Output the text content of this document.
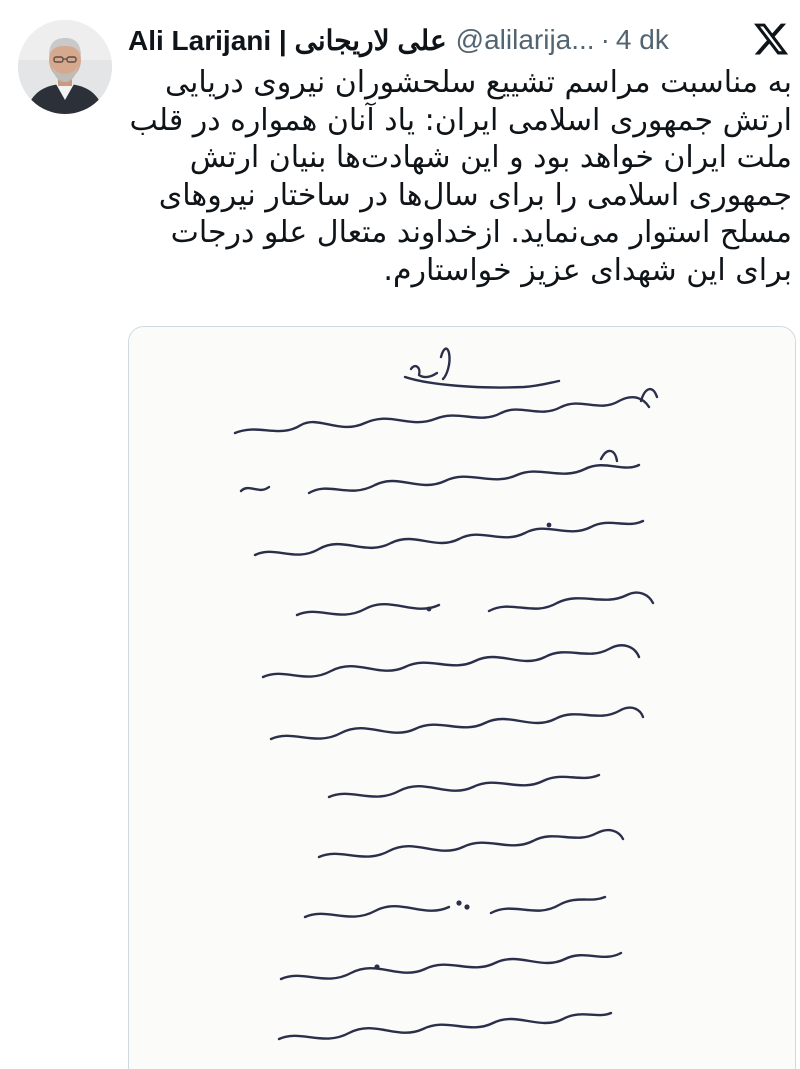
Ali Larijani | علی لاریجانی @alilarija... · 4 dk
به مناسبت مراسم تشییع سلحشوران نیروی دریایی ارتش جمهوری اسلامی ایران: یاد آنان همواره در قلب ملت ایران خواهد بود و این شهادت‌ها بنیان ارتش جمهوری اسلامی را برای سال‌ها در ساختار نیروهای مسلح استوار می‌نماید. ازخداوند متعال علو درجات برای این شهدای عزیز خواستارم.
